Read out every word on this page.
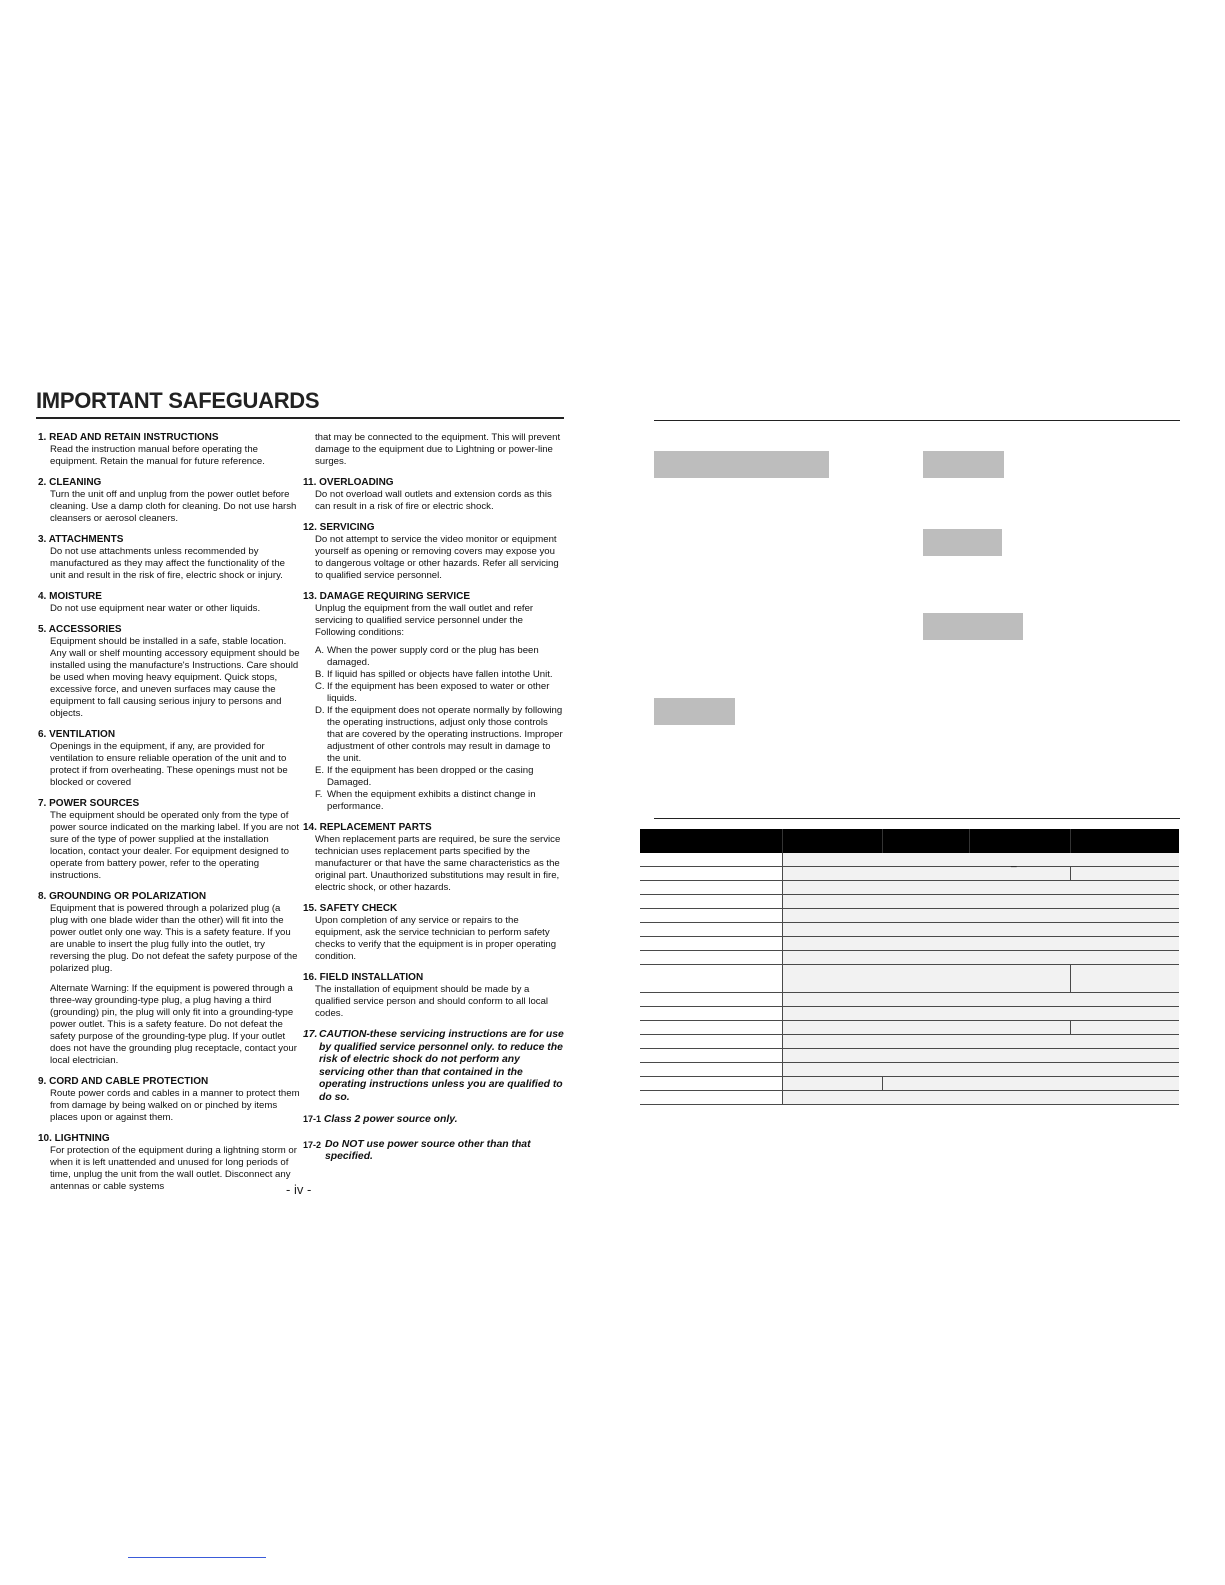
IMPORTANT SAFEGUARDS
1. READ AND RETAIN INSTRUCTIONS

Read the instruction manual before operating the equipment. Retain the manual for future reference.

2. CLEANING

Turn the unit off and unplug from the power outlet before cleaning. Use a damp cloth for cleaning. Do not use harsh cleansers or aerosol cleaners.

3. ATTACHMENTS

Do not use attachments unless recommended by manufactured as they may affect the functionality of the unit and result in the risk of fire, electric shock or injury.

4. MOISTURE

Do not use equipment near water or other liquids.

5. ACCESSORIES

Equipment should be installed in a safe, stable location. Any wall or shelf mounting accessory equipment should be installed using the manufacture's Instructions. Care should be used when moving heavy equipment. Quick stops, excessive force, and uneven surfaces may cause the equipment to fall causing serious injury to persons and objects.

6. VENTILATION

Openings in the equipment, if any, are provided for ventilation to ensure reliable operation of the unit and to protect if from overheating. These openings must not be blocked or covered

7. POWER SOURCES

The equipment should be operated only from the type of power source indicated on the marking label. If you are not sure of the type of power supplied at the installation location, contact your dealer. For equipment designed to operate from battery power, refer to the operating instructions.

8. GROUNDING OR POLARIZATION

Equipment that is powered through a polarized plug (a plug with one blade wider than the other) will fit into the power outlet only one way. This is a safety feature. If you are unable to insert the plug fully into the outlet, try reversing the plug. Do not defeat the safety purpose of the polarized plug.

Alternate Warning: If the equipment is powered through a three-way grounding-type plug, a plug having a third (grounding) pin, the plug will only fit into a grounding-type power outlet. This is a safety feature. Do not defeat the safety purpose of the grounding-type plug. If your outlet does not have the grounding plug receptacle, contact your local electrician.

9. CORD AND CABLE PROTECTION

Route power cords and cables in a manner to protect them from damage by being walked on or pinched by items places upon or against them.

10. LIGHTNING

For protection of the equipment during a lightning storm or when it is left unattended and unused for long periods of time, unplug the unit from the wall outlet. Disconnect any antennas or cable systems

that may be connected to the equipment. This will prevent damage to the equipment due to Lightning or power-line surges.

11. OVERLOADING

Do not overload wall outlets and extension cords as this can result in a risk of fire or electric shock.

12. SERVICING

Do not attempt to service the video monitor or equipment yourself as opening or removing covers may expose you to dangerous voltage or other hazards. Refer all servicing to qualified service personnel.

13. DAMAGE REQUIRING SERVICE

Unplug the equipment from the wall outlet and refer servicing to qualified service personnel under the Following conditions:

A. When the power supply cord or the plug has been damaged.
B. If liquid has spilled or objects have fallen intothe Unit.
C. If the equipment has been exposed to water or other liquids.
D. If the equipment does not operate normally by following the operating instructions, adjust only those controls that are covered by the operating instructions. Improper adjustment of other controls may result in damage to the unit.
E. If the equipment has been dropped or the casing Damaged.
F. When the equipment exhibits a distinct change in performance.
14. REPLACEMENT PARTS

When replacement parts are required, be sure the service technician uses replacement parts specified by the manufacturer or that have the same characteristics as the original part. Unauthorized substitutions may result in fire, electric shock, or other hazards.

15. SAFETY CHECK

Upon completion of any service or repairs to the equipment, ask the service technician to perform safety checks to verify that the equipment is in proper operating condition.

16. FIELD INSTALLATION

The installation of equipment should be made by a qualified service person and should conform to all local codes.

17. CAUTION-these servicing instructions are for use by qualified service personnel only. to reduce the risk of electric shock do not perform any servicing other than that contained in the operating instructions unless you are qualified to do so.
17-1 Class 2 power source only.
17-2 Do NOT use power source other than that specified.
- iv -

_
